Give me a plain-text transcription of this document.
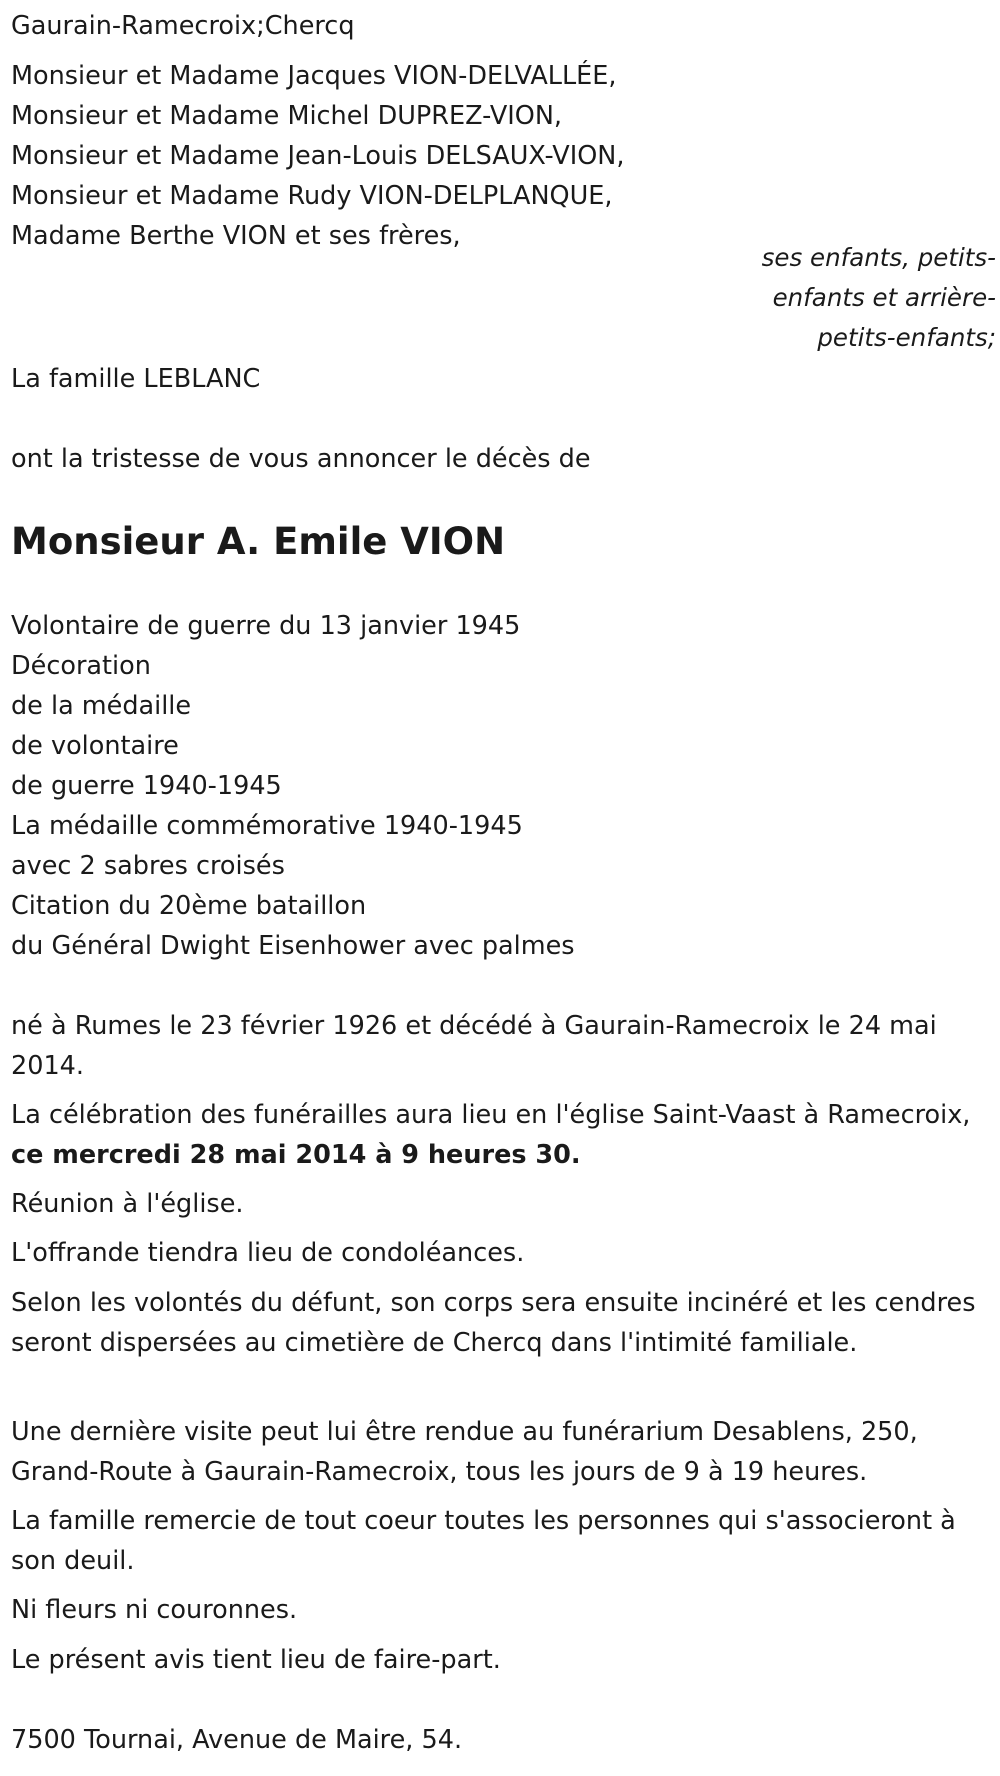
Gaurain-Ramecroix;Chercq
Monsieur et Madame Jacques VION-DELVALLÉE,
Monsieur et Madame Michel DUPREZ-VION,
Monsieur et Madame Jean-Louis DELSAUX-VION,
Monsieur et Madame Rudy VION-DELPLANQUE,
Madame Berthe VION et ses frères,
ses enfants, petits-
enfants et arrière-
petits-enfants;
La famille LEBLANC
ont la tristesse de vous annoncer le décès de
Monsieur A. Emile VION
Volontaire de guerre du 13 janvier 1945
Décoration
de la médaille
de volontaire
de guerre 1940-1945
La médaille commémorative 1940-1945
avec 2 sabres croisés
Citation du 20ème bataillon
du Général Dwight Eisenhower avec palmes
né à Rumes le 23 février 1926 et décédé à Gaurain-Ramecroix le 24 mai 2014.
La célébration des funérailles aura lieu en l'église Saint-Vaast à Ramecroix, ce mercredi 28 mai 2014 à 9 heures 30.
Réunion à l'église.
L'offrande tiendra lieu de condoléances.
Selon les volontés du défunt, son corps sera ensuite incinéré et les cendres seront dispersées au cimetière de Chercq dans l'intimité familiale.
Une dernière visite peut lui être rendue au funérarium Desablens, 250, Grand-Route à Gaurain-Ramecroix, tous les jours de 9 à 19 heures.
La famille remercie de tout coeur toutes les personnes qui s'associeront à son deuil.
Ni fleurs ni couronnes.
Le présent avis tient lieu de faire-part.
7500 Tournai, Avenue de Maire, 54.
